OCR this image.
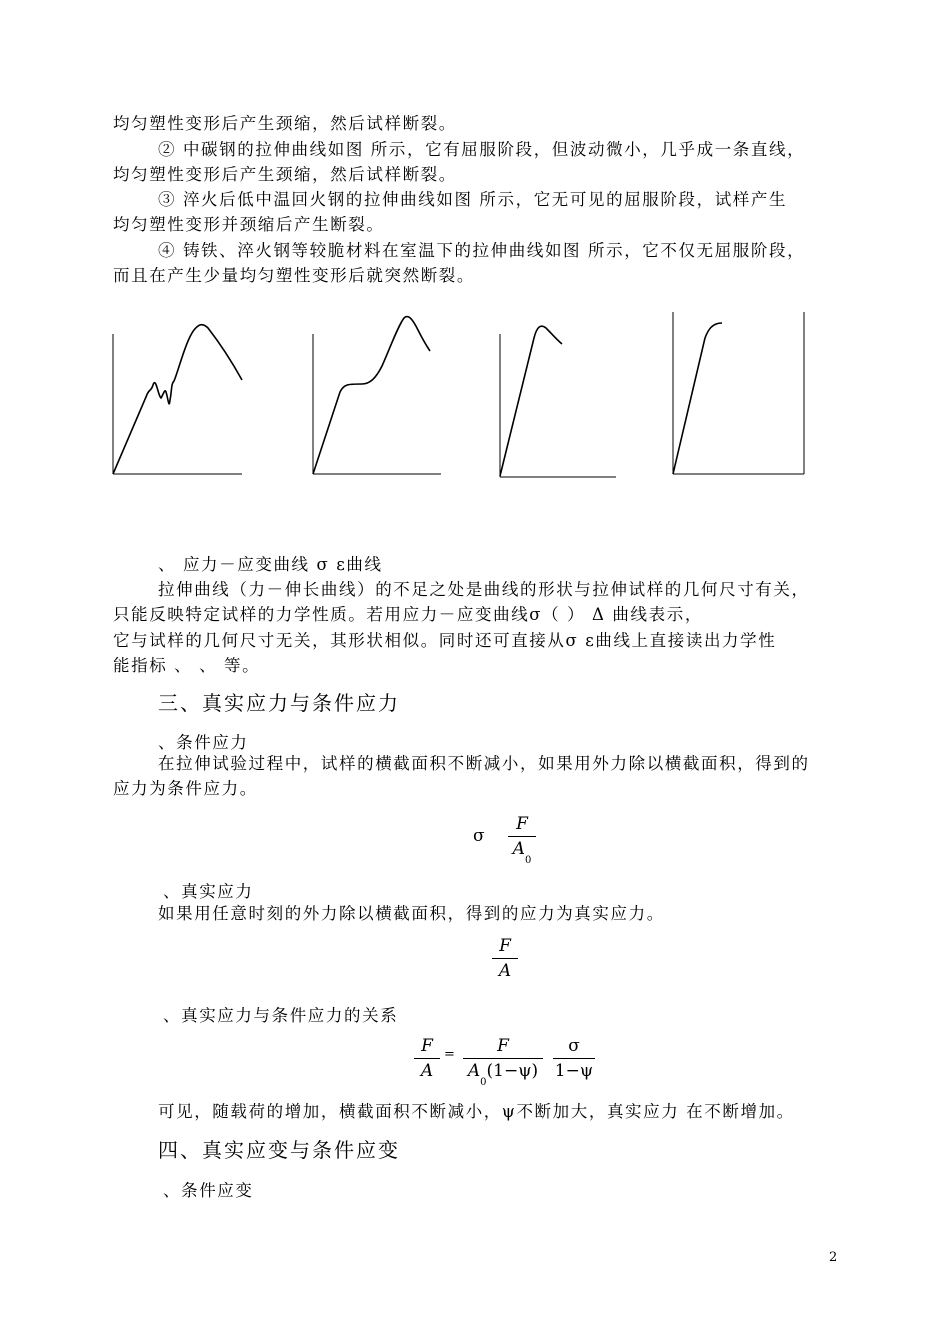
均匀塑性变形后产生颈缩，然后试样断裂。
② 中碳钢的拉伸曲线如图 所示，它有屈服阶段，但波动微小，几乎成一条直线，
均匀塑性变形后产生颈缩，然后试样断裂。
③ 淬火后低中温回火钢的拉伸曲线如图 所示，它无可见的屈服阶段，试样产生
均匀塑性变形并颈缩后产生断裂。
④ 铸铁、淬火钢等较脆材料在室温下的拉伸曲线如图 所示，它不仅无屈服阶段，
而且在产生少量均匀塑性变形后就突然断裂。
、 应力－应变曲线 σ ε曲线
拉伸曲线（力－伸长曲线）的不足之处是曲线的形状与拉伸试样的几何尺寸有关，
只能反映特定试样的力学性质。若用应力－应变曲线σ（ ） Δ 曲线表示，
它与试样的几何尺寸无关，其形状相似。同时还可直接从σ ε曲线上直接读出力学性
能指标 、 、 等。
三、真实应力与条件应力
、条件应力
在拉伸试验过程中，试样的横截面积不断减小，如果用外力除以横截面积，得到的
应力为条件应力。
σ
F
$A_0$
、真实应力
如果用任意时刻的外力除以横截面积，得到的应力为真实应力。
F
A
、真实应力与条件应力的关系
F
A
=	F
$A_0(1-\psi)$
σ
1−ψ
可见，随载荷的增加，横截面积不断减小，ψ不断加大，真实应力 在不断增加。
四、真实应变与条件应变
、条件应变
2
